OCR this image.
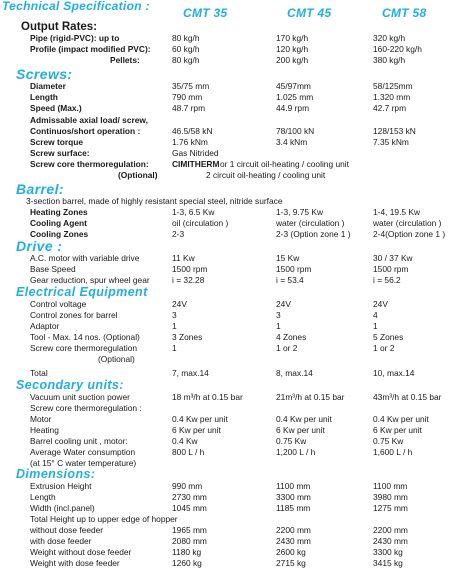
Technical Specification :	CMT 35	CMT 45	CMT 58
Output Rates:
Pipe (rigid-PVC): up to	80 kg/h	170 kg/h	320 kg/h
Profile (impact modified PVC):	60 kg/h	120 kg/h	160-220 kg/h
Pellets:	80 kg/h	200 kg/h	380 kg/h
Screws:
Diameter	35/75 mm	45/97mm	58/125mm
Length	790 mm	1.025 mm	1.320 mm
Speed (Max.)	48.7 rpm	44.9 rpm	42.7 rpm
Admissable axial load/ screw,
Continuos/short operation :	46.5/58 kN	78/100 kN	128/153 kN
Screw torque	1.76 kNm	3.4 kNm	7.35 kNm
Screw surface:	Gas Nitrided
Screw core thermoregulation:	CIMITHERM or 1 circuit oil-heating / cooling unit
(Optional)	2 circuit oil-heating / cooling unit
Barrel:
3-section barrel, made of highly resistant special steel, nitride surface
Heating Zones	1-3, 6.5 Kw	1-3, 9.75 Kw	1-4, 19.5 Kw
Cooling Agent	oil (circulation )	water (circulation )	water (circulation )
Cooling Zones	2-3	2-3 (Option zone 1 )	2-4(Option zone 1 )
Drive :
A.C. motor with variable drive	11 Kw	15 Kw	30 / 37 Kw
Base Speed	1500 rpm	1500 rpm	1500 rpm
Gear reduction, spur wheel gear	i = 32.28	i = 53.4	i = 56.2
Electrical Equipment
Control voltage	24V	24V	24V
Control zones for barrel	3	3	4
Adaptor	1	1	1
Tool - Max. 14 nos. (Optional)	3 Zones	4 Zones	5 Zones
Screw core thermoregulation	1	1 or 2	1 or 2
(Optional)
Total	7, max.14	8, max.14	10, max.14
Secondary units:
Vacuum unit suction power	18 m³/h at 0.15 bar	21m³/h at 0.15 bar	43m³/h at 0.15 bar
Screw core thermoregulation :
Motor	0.4 Kw per unit	0.4 Kw per unit	0.4 Kw per unit
Heating	6 Kw per unit	6 Kw per unit	6 Kw per unit
Barrel cooling unit , motor:	0.4 Kw	0.75 Kw	0.75 Kw
Average Water consumption	800 L / h	1,200 L / h	1,600 L / h
(at 15° C water temperature)
Dimensions:
Extrusion Height	990 mm	1100 mm	1100 mm
Length	2730 mm	3300 mm	3980 mm
Width (incl.panel)	1045 mm	1185 mm	1275 mm
Total Height up to upper edge of hopper
without dose feeder	1965 mm	2200 mm	2200 mm
with dose feeder	2080 mm	2430 mm	2430 mm
Weight without dose feeder	1180 kg	2600 kg	3300 kg
Weight with dose feeder	1260 kg	2715 kg	3415 kg
